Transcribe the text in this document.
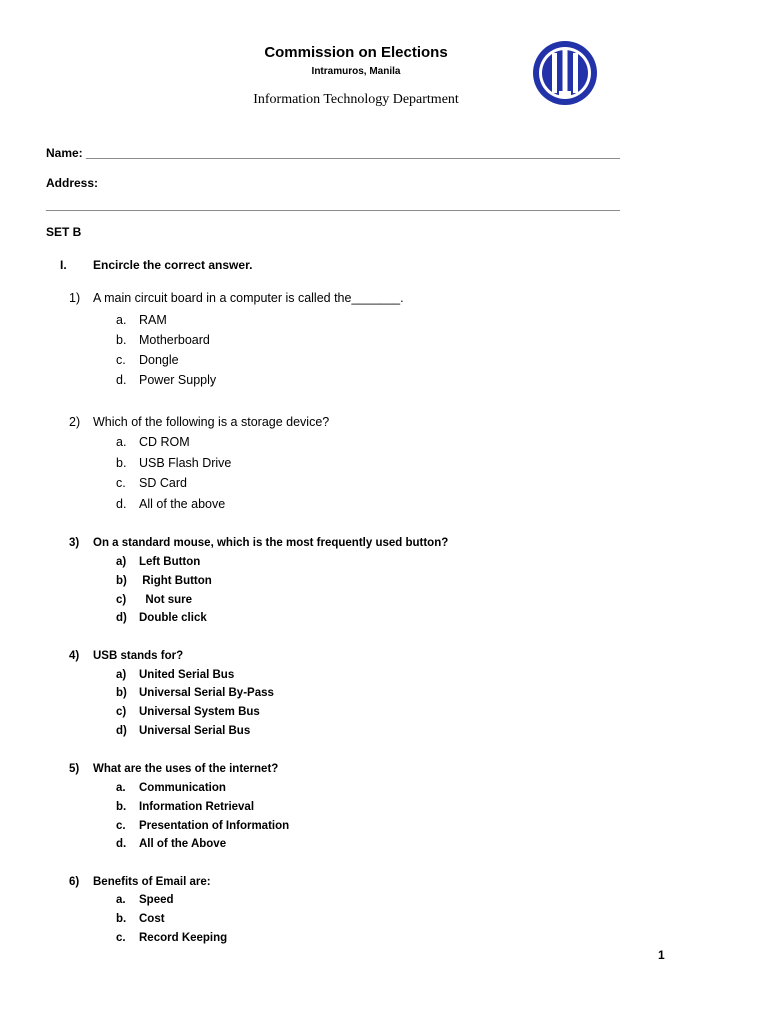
Commission on Elections
Intramuros, Manila
Information Technology Department
Name: ________________________________________________________________________________
Address:
______________________________________________________________________________________
SET B
I. Encircle the correct answer.
1) A main circuit board in a computer is called the_______.
a. RAM
b. Motherboard
c. Dongle
d. Power Supply
2) Which of the following is a storage device?
a. CD ROM
b. USB Flash Drive
c. SD Card
d. All of the above
3) On a standard mouse, which is the most frequently used button?
a) Left Button
b) Right Button
c) Not sure
d) Double click
4) USB stands for?
a) United Serial Bus
b) Universal Serial By-Pass
c) Universal System Bus
d) Universal Serial Bus
5) What are the uses of the internet?
a. Communication
b. Information Retrieval
c. Presentation of Information
d. All of the Above
6) Benefits of Email are:
a. Speed
b. Cost
c. Record Keeping
1
